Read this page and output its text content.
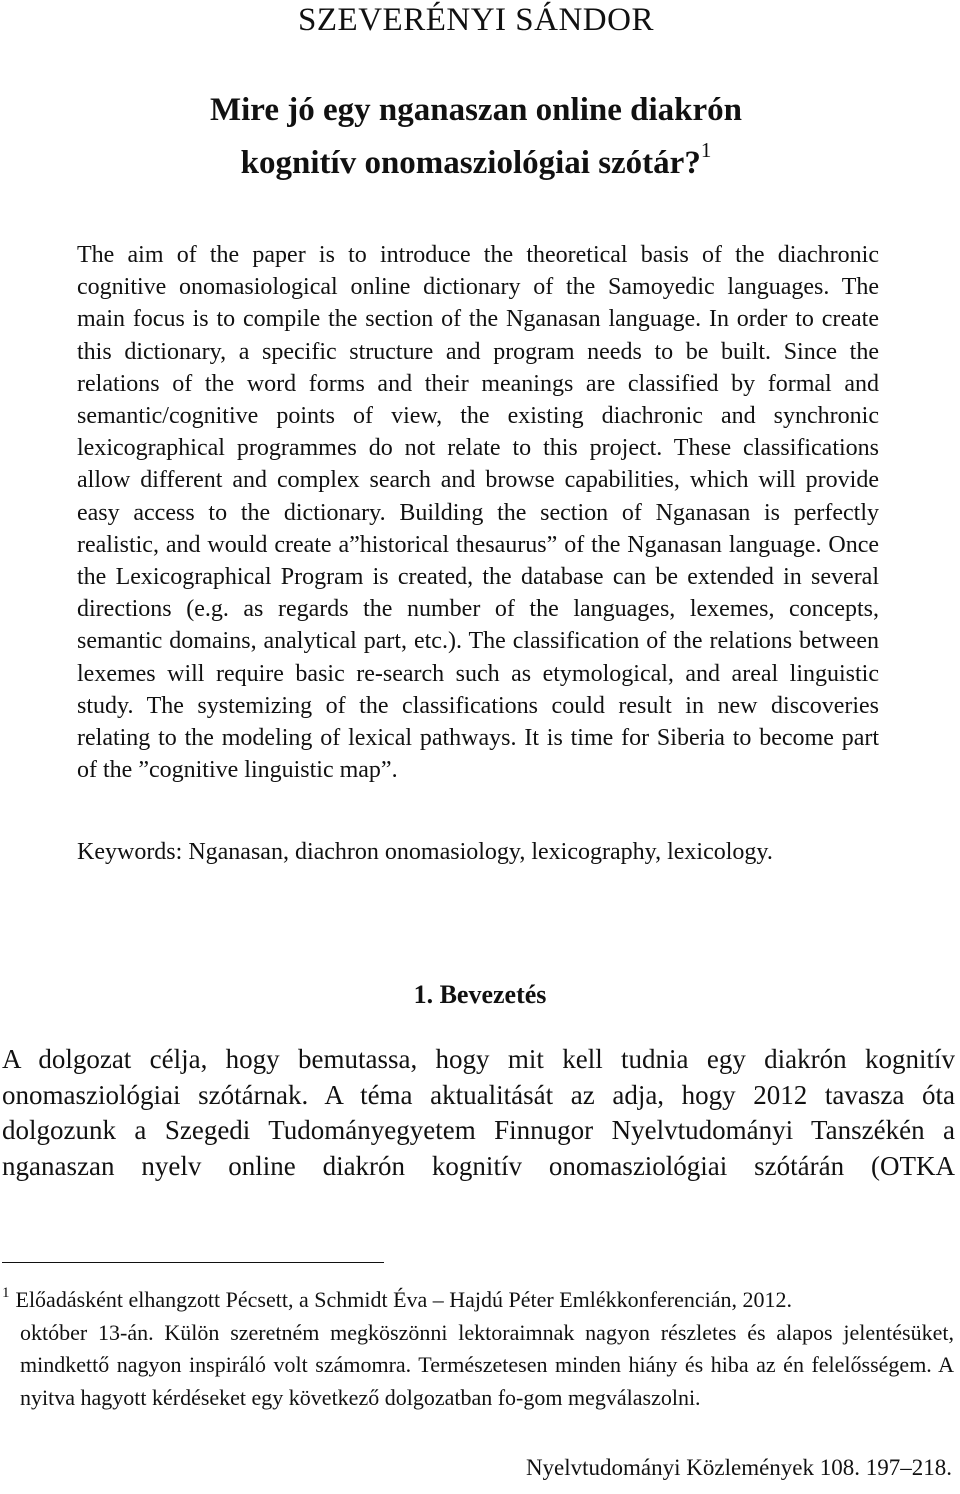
SZEVERÉNYI SÁNDOR
Mire jó egy nganaszan online diakrón
kognitív onomasziológiai szótár?$^1$

The aim of the paper is to introduce the theoretical basis of the diachronic cognitive onomasiological online dictionary of the Samoyedic languages. The main focus is to compile the section of the Nganasan language. In order to create this dictionary, a specific structure and program needs to be built. Since the relations of the word forms and their meanings are classified by formal and semantic/cognitive points of view, the existing diachronic and synchronic lexicographical programmes do not relate to this project. These classifications allow different and complex search and browse capabilities, which will provide easy access to the dictionary. Building the section of Nganasan is perfectly realistic, and would create a”historical thesaurus” of the Nganasan language. Once the Lexicographical Program is created, the database can be extended in several directions (e.g. as regards the number of the languages, lexemes, concepts, semantic domains, analytical part, etc.). The classification of the relations between lexemes will require basic re-search such as etymological, and areal linguistic study. The systemizing of the classifications could result in new discoveries relating to the modeling of lexical pathways. It is time for Siberia to become part of the ”cognitive linguistic map”.

Keywords: Nganasan, diachron onomasiology, lexicography, lexicology.

1. Bevezetés

A dolgozat célja, hogy bemutassa, hogy mit kell tudnia egy diakrón kognitív onomasziológiai szótárnak. A téma aktualitását az adja, hogy 2012 tavasza óta dolgozunk a Szegedi Tudományegyetem Finnugor Nyelvtudományi Tanszékén a nganaszan nyelv online diakrón kognitív onomasziológiai szótárán (OTKA

$^1$ Előadásként elhangzott Pécsett, a Schmidt Éva – Hajdú Péter Emlékkonferencián, 2012.
október 13-án. Külön szeretném megköszönni lektoraimnak nagyon részletes és alapos jelentésüket, mindkettő nagyon inspiráló volt számomra. Természetesen minden hiány és hiba az én felelősségem. A nyitva hagyott kérdéseket egy következő dolgozatban fo-gom megválaszolni.

Nyelvtudományi Közlemények 108. 197–218.
